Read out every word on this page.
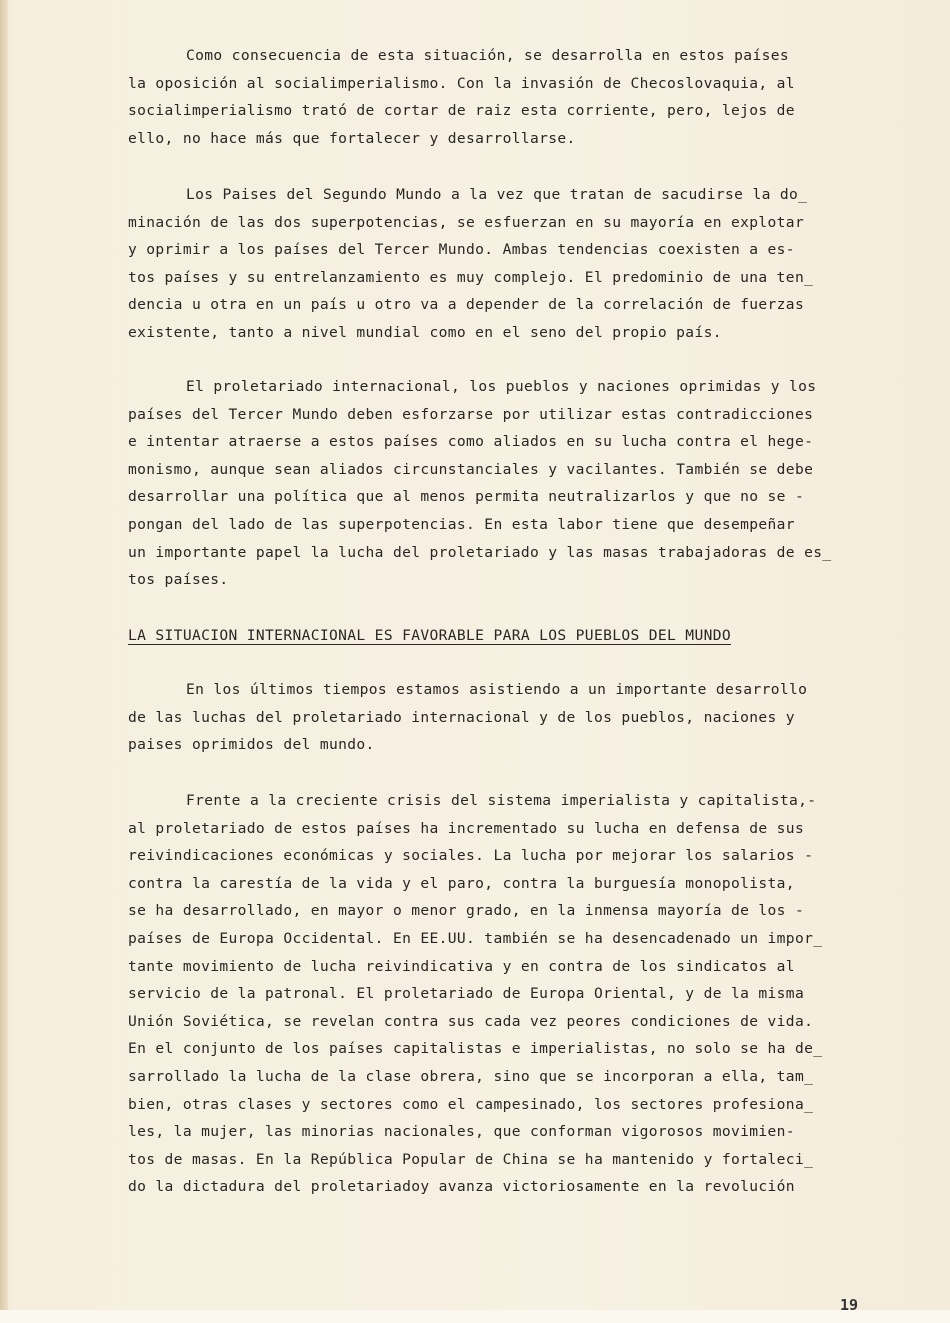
Como consecuencia de esta situación, se desarrolla en estos países
la oposición al socialimperialismo. Con la invasión de Checoslovaquia, al
socialimperialismo trató de cortar de raiz esta corriente, pero, lejos de
ello, no hace más que fortalecer y desarrollarse.
Los Paises del Segundo Mundo a la vez que tratan de sacudirse la do_
minación de las dos superpotencias, se esfuerzan en su mayoría en explotar
y oprimir a los países del Tercer Mundo. Ambas tendencias coexisten a es-
tos países y su entrelanzamiento es muy complejo. El predominio de una ten_
dencia u otra en un país u otro va a depender de la correlación de fuerzas
existente, tanto a nivel mundial como en el seno del propio país.
El proletariado internacional, los pueblos y naciones oprimidas y los
países del Tercer Mundo deben esforzarse por utilizar estas contradicciones
e intentar atraerse a estos países como aliados en su lucha contra el hege-
monismo, aunque sean aliados circunstanciales y vacilantes. También se debe
desarrollar una política que al menos permita neutralizarlos y que no se -
pongan del lado de las superpotencias. En esta labor tiene que desempeñar
un importante papel la lucha del proletariado y las masas trabajadoras de es_
tos países.
LA SITUACION INTERNACIONAL ES FAVORABLE PARA LOS PUEBLOS DEL MUNDO
En los últimos tiempos estamos asistiendo a un importante desarrollo
de las luchas del proletariado internacional y de los pueblos, naciones y
paises oprimidos del mundo.
Frente a la creciente crisis del sistema imperialista y capitalista,-
al proletariado de estos países ha incrementado su lucha en defensa de sus
reivindicaciones económicas y sociales. La lucha por mejorar los salarios -
contra la carestía de la vida y el paro, contra la burguesía monopolista,
se ha desarrollado, en mayor o menor grado, en la inmensa mayoría de los -
países de Europa Occidental. En EE.UU. también se ha desencadenado un impor_
tante movimiento de lucha reivindicativa y en contra de los sindicatos al
servicio de la patronal. El proletariado de Europa Oriental, y de la misma
Unión Soviética, se revelan contra sus cada vez peores condiciones de vida.
En el conjunto de los países capitalistas e imperialistas, no solo se ha de_
sarrollado la lucha de la clase obrera, sino que se incorporan a ella, tam_
bien, otras clases y sectores como el campesinado, los sectores profesiona_
les, la mujer, las minorias nacionales, que conforman vigorosos movimien-
tos de masas. En la República Popular de China se ha mantenido y fortaleci_
do la dictadura del proletariadoy avanza victoriosamente en la revolución
19
